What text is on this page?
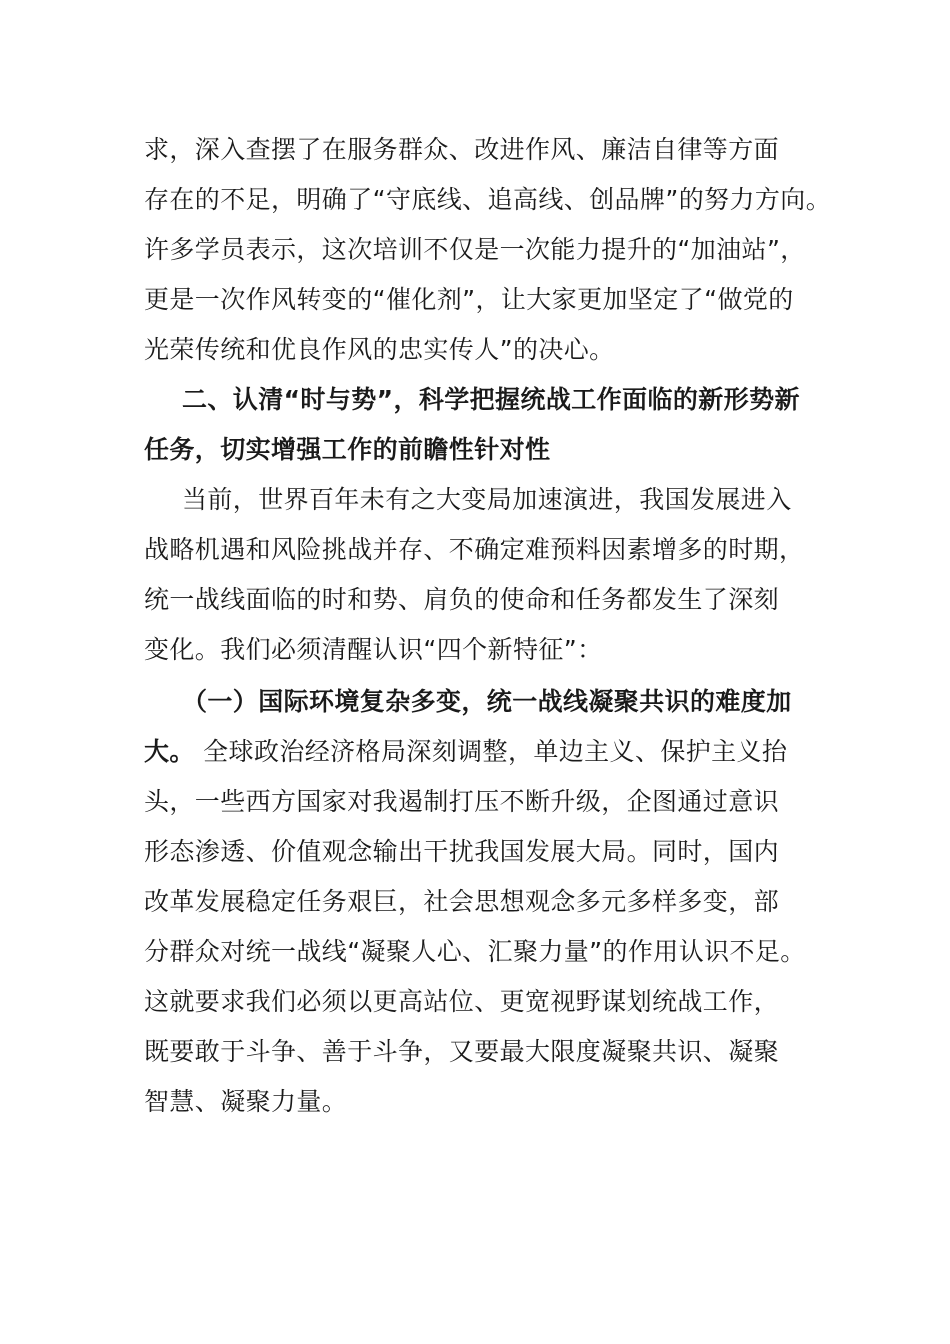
求，深入查摆了在服务群众、改进作风、廉洁自律等方面
存在的不足，明确了“守底线、追高线、创品牌”的努力方向。
许多学员表示，这次培训不仅是一次能力提升的“加油站”，
更是一次作风转变的“催化剂”，让大家更加坚定了“做党的
光荣传统和优良作风的忠实传人”的决心。
二、认清“时与势”，科学把握统战工作面临的新形势新
任务，切实增强工作的前瞻性针对性
当前，世界百年未有之大变局加速演进，我国发展进入
战略机遇和风险挑战并存、不确定难预料因素增多的时期，
统一战线面临的时和势、肩负的使命和任务都发生了深刻
变化。我们必须清醒认识“四个新特征”：
（一）国际环境复杂多变，统一战线凝聚共识的难度加
大。 全球政治经济格局深刻调整，单边主义、保护主义抬
头，一些西方国家对我遏制打压不断升级，企图通过意识
形态渗透、价值观念输出干扰我国发展大局。同时，国内
改革发展稳定任务艰巨，社会思想观念多元多样多变，部
分群众对统一战线“凝聚人心、汇聚力量”的作用认识不足。
这就要求我们必须以更高站位、更宽视野谋划统战工作，
既要敢于斗争、善于斗争，又要最大限度凝聚共识、凝聚
智慧、凝聚力量。
